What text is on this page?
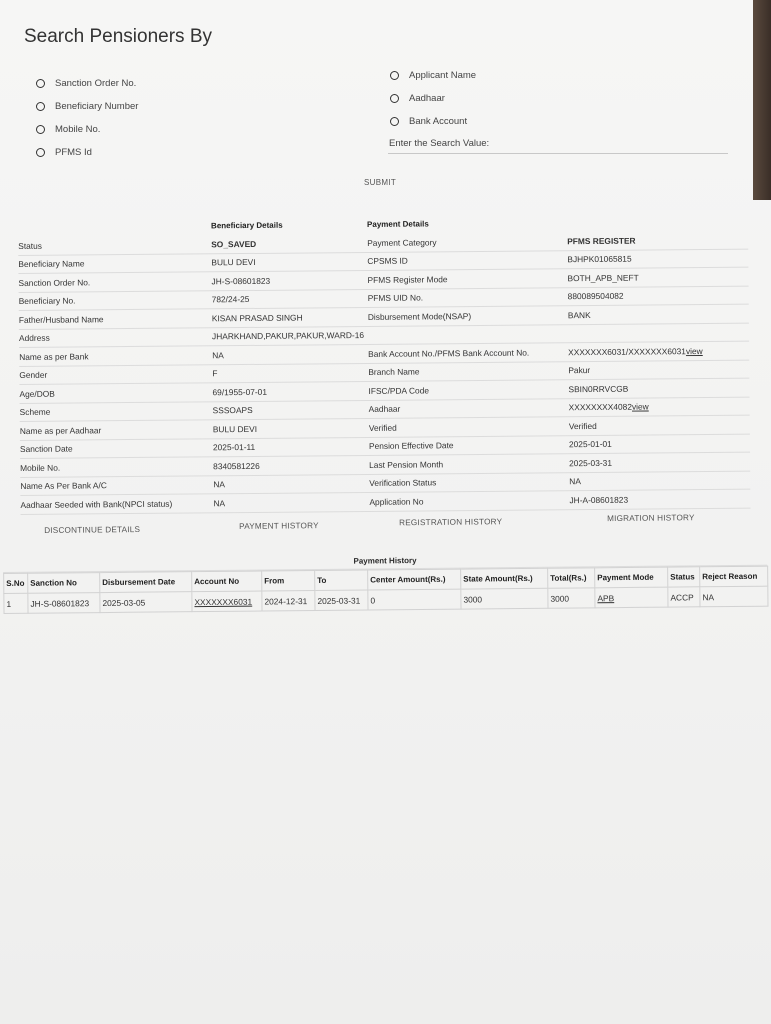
Search Pensioners By
Sanction Order No.
Beneficiary Number
Mobile No.
PFMS Id
Applicant Name
Aadhaar
Bank Account
Enter the Search Value:
SUBMIT
Beneficiary Details	Payment Details
Status	SO_SAVED	Payment Category	PFMS REGISTER
Beneficiary Name	BULU DEVI	CPSMS ID	BJHPK01065815
Sanction Order No.	JH-S-08601823	PFMS Register Mode	BOTH_APB_NEFT
Beneficiary No.	782/24-25	PFMS UID No.	880089504082
Father/Husband Name	KISAN PRASAD SINGH	Disbursement Mode(NSAP)	BANK
Address	JHARKHAND,PAKUR,PAKUR,WARD-16
Name as per Bank	NA	Bank Account No./PFMS Bank Account No.	XXXXXXX6031/XXXXXXX6031view
Gender	F	Branch Name	Pakur
Age/DOB	69/1955-07-01	IFSC/PDA Code	SBIN0RRVCGB
Scheme	SSSOAPS	Aadhaar	XXXXXXXX4082view
Name as per Aadhaar	BULU DEVI	Verified	Verified
Sanction Date	2025-01-11	Pension Effective Date	2025-01-01
Mobile No.	8340581226	Last Pension Month	2025-03-31
Name As Per Bank A/C	NA	Verification Status	NA
Aadhaar Seeded with Bank(NPCI status)	NA	Application No	JH-A-08601823
DISCONTINUE DETAILS	PAYMENT HISTORY	REGISTRATION HISTORY	MIGRATION HISTORY
Payment History
S.No	Sanction No	Disbursement Date	Account No	From	To	Center Amount(Rs.)	State Amount(Rs.)	Total(Rs.)	Payment Mode	Status	Reject Reason
1	JH-S-08601823	2025-03-05	XXXXXXX6031	2024-12-31	2025-03-31	0	3000	3000	APB	ACCP	NA
